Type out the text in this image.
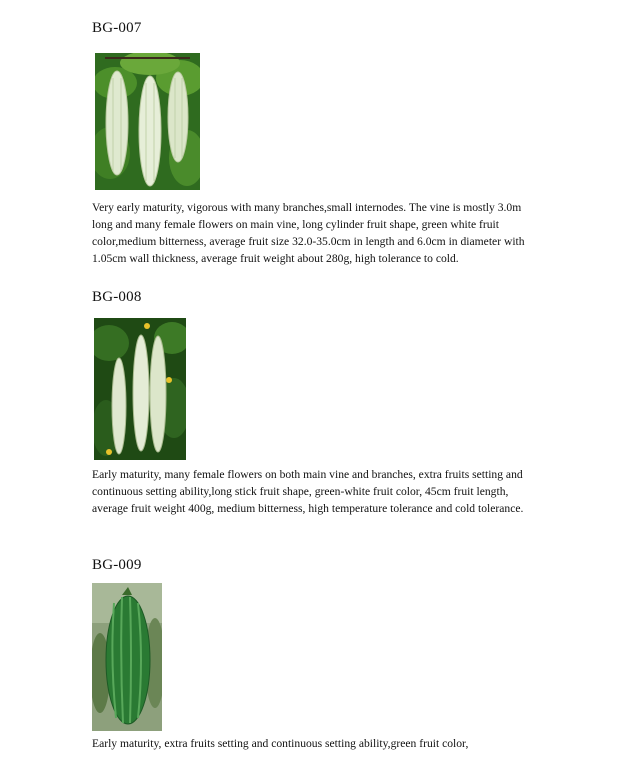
BG-007

Very early maturity, vigorous with many branches,small internodes. The vine is mostly 3.0m long and many female flowers on main vine, long cylinder fruit shape, green white fruit color,medium bitterness, average fruit size 32.0-35.0cm in length and 6.0cm in diameter with 1.05cm wall thickness, average fruit weight about 280g, high tolerance to cold.

BG-008

Early maturity, many female flowers on both main vine and branches, extra fruits setting and continuous setting ability,long stick fruit shape, green-white fruit color, 45cm fruit length, average fruit weight 400g, medium bitterness, high temperature tolerance and cold tolerance.

BG-009

Early maturity, extra fruits setting and continuous setting ability,green fruit color,
